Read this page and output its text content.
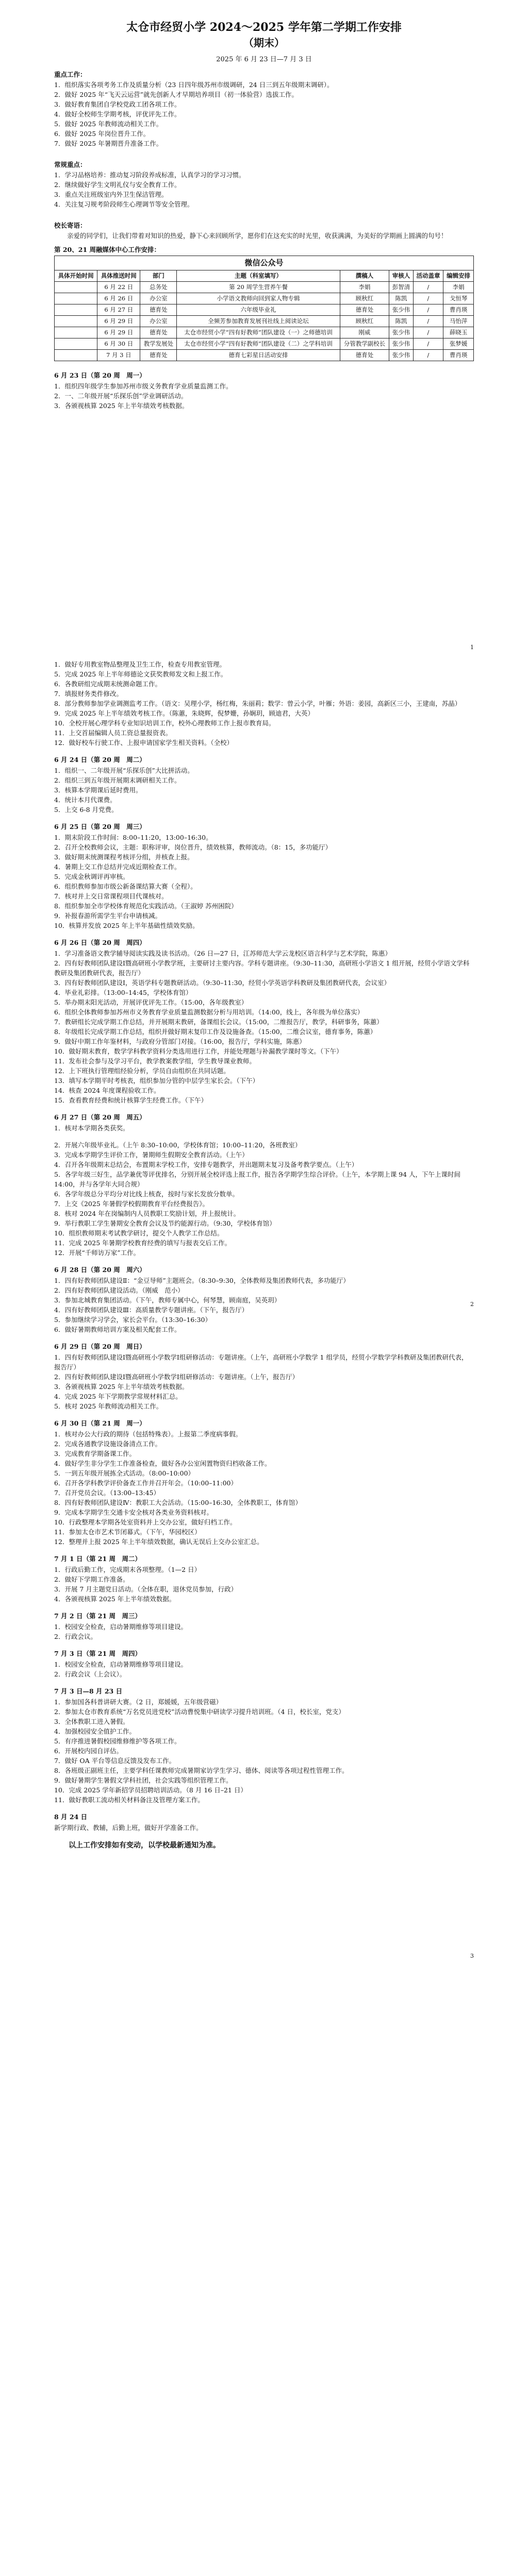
太仓市经贸小学 2024～2025 学年第二学期工作安排
（期末）
2025 年 6 月 23 日—7 月 3 日
重点工作：
1．组织落实各项考务工作及质量分析（23 日四年级苏州市级调研，24 日三到五年级期末调研）。
2．做好 2025 年“飞天云运营”就先创新人才早期培养项目（初一体验营）选拔工作。
3．做好教育集团自学校党政工团各项工作。
4．做好全校师生学期考核，评优评先工作。
5．做好 2025 年教师流动相关工作。
6．做好 2025 年岗位晋升工作。
7．做好 2025 年暑期晋升准备工作。
常规重点：
1．学习品格培养：推动复习阶段养成标准，认真学习的学习习惯。
2．继续做好学生文明礼仪与安全教育工作。
3．重点关注班级室内外卫生保洁管理。
4．关注复习规考阶段师生心理调节等安全管理。
校长寄语：
亲爱的同学们，让我们带着对知识的热爱，静下心来回顾所学，愿你们在这充实的时光里，收获满满，为美好的学期画上圆满的句号！
第 20、21 周融媒体中心工作安排：
微信公众号							
具体开始时间	具体推送时间	部门	主题（科室填写）	撰稿人	审核人	活动盖章	编辑安排
	6 月 22 日	总务处	第 20 周学生营养午餐	李娟	彭智清	/	李娟
	6 月 26 日	办公室	小学语文教师向回到家人物专辑	顾秋红	陈凯	/	戈恒琴
	6 月 27 日	德育处	六年级毕业礼	德育处	张少伟	/	曹肖瑛
	6 月 29 日	办公室	全频芳参加教育发展刊社线上阅读论坛	顾秋红	陈凯	/	马怡萍
	6 月 29 日	德育处	太仓市经贸小学“四有好教师”团队建设（一）之师德培训	刚威	张少伟	/	薛晓玉
	6 月 30 日	教学发展处	太仓市经贸小学“四有好教师”团队建设（二）之学科培训	分管教学副校长	张少伟	/	张梦媛
	7 月 3 日	德育处	德育七彩星日活动安排	德育处	张少伟	/	曹肖瑛
6 月 23 日（第 20 周　周一）
1．组织四年级学生参加苏州市级义务教育学业质量监测工作。
2．一、二年级开展“乐探乐创”学业调研活动。
3．各颁视核算 2025 年上半年绩效考核数据。
1
1．做好专用教室物品整理及卫生工作，检查专用教室管理。
5．完成 2025 年上半年师德论文获奖教师发文和上报工作。
6．各教研组完成期末统测命题工作。
7．填报财务类件修改。
8．部分教师参加学业调测监考工作。（语文：吴理小学，杨红梅，朱丽莉；数学：曾云小学，叶雁；外语：姜园，高新区三小，王建南，苏晶）
9．完成 2025 年上半年绩效考核工作。（陈蕙，朱晓辉，倪梦姗，孙娴玥，顾迪君，大英）
10．全校开展心理学科专业知识培训工作，校外心理教师工作上报市教育局。
11．上交首届编辑人员工资总量报资表。
12．做好校车行驶工作、上报申请国家学生相关资料。（全校）
6 月 24 日（第 20 周　周二）
1．组织一、二年级开展“乐探乐创”大比拼活动。
2．组织三到五年级开展期末调研相关工作。
3．核算本学期课后延时费用。
4．统计本月代课费。
5．上交 6-8 月党费。
6 月 25 日（第 20 周　周三）
1．期末阶段工作时间：8:00–11:20，13:00–16:30。
2．召开全校教师会议，主题：职称评审，岗位晋升，绩效核算，教师流动。（8：15，多功能厅）
3．做好期末统测课程考核评分组，并核查上报。
4．暑期上交工作总结并完成近期检查工作。
5．完成金秋调评再审核。
6．组织教师参加市级公新备课结算大赛（全程）。
7．核对并上交日常课程项目代课核对。
8．组织参加全市学校体育规范化实践活动。（王淑婷 苏州困院）
9．补报春游所需学生平台申请核减。
10．核算并发放 2025 年上半年基础性绩效奖励。
6 月 26 日（第 20 周　周四）
1．学习准备语文教学辅导阅读实践及读书活动。（26 日—27 日，江苏师范大学云龙校区语言科学与艺术学院，陈惠）
2．四有好教师团队建设Ⅰ暨高研班小学教学班，主要研讨主要内容。学科专题讲座。（9:30–11:30，高研班小学语文 1 组开展，经贸小学语文学科教研及集团教研代表，报告厅）
3．四有好教师团队建设Ⅰ，英语学科专题教研活动。（9:30–11:30，经贸小学英语学科教研及集团教研代表，会议室）
4．毕业礼彩排。（13:00–14:45，学校体育馆）
5．举办期末阳光活动，开展评优评先工作。（15:00，各年级教室）
6．组织全体教师参加苏州市义务教育学业质量监测数据分析与用培训。（14:00，线上，各年级为单位落实）
7．教研组长完成学期工作总结，并开展期末教研，备课组长会议。（15:00，二维报告厅，教学，科研事务，陈蕙）
8．年级组长完成学期工作总结，组织并做好期末复印工作及设施备查。（15:00，二维会议室，德育事务，陈蕙）
9．做好中期工作年鉴材料，与政府分管部门对接。（16:00，报告厅，学科实施，陈惠）
10．做好期末教育，数学学科教学资料分类选用进行工作，并能处理题与补漏教学课时等文。（下午）
11．发布社会参与及学习平台，教学教案教学组，学生教导课业教师。
12．上下班执行管理组经验分析，学员自由组织在共同话题。
13．填写本学期平时考核表，组织参加分管的中层学生家长会。（下午）
14．核查 2024 年度课程验收工作。
15．查看教育经费和统计核算学生经费工作。（下午）
6 月 27 日（第 20 周　周五）
1．核对本学期各类获奖。
2．开展六年级毕业礼。（上午 8:30–10:00，学校体育馆；10:00–11:20，各班教室）
3．完成本学期学生评价工作，暑期师生假期安全教育活动。（上午）
4．召开各年级期末总结会，布置期末学校工作，安排专题教学，并出题期末复习及备考教学要点。（上午）
5．各学年级三好生，品学兼优等评优排名，分别开展全校评选上报工作，报告各学期学生综合评价。（上午，本学期上课 94 人，下午上课时间 14:00，并与各学年大同合规）
6．各学年级总分平均分对比线上核查，按时与家长发放分数单。
7．上交《2025 年暑假学校假期教育平台经费报告》。
8．核对 2024 年在岗编制内人员教职工奖励计划，并上报统计。
9．举行教职工学生暑期安全教育会议及节约能源行动。（9:30，学校体育馆）
10．组织教师期末考试教学研讨，提交个人教学工作总结。
11．完成 2025 年暑期学校教育经费的填写与报表交后工作。
12．开展“千师访万家”工作。
6 月 28 日（第 20 周　周六）
1．四有好教师团队建设Ⅱ：“金豆导师”主题班会。（8:30–9:30，全体教师及集团教师代表，多功能厅）
2．四有好教师团队建设活动。（刚威　范小）
3．参加北城教育集团活动。（下午，教师专属中心，何琴慧，顾南庭，吴英玥）
4．四有好教师团队建设Ⅲ：高质量教学专题讲座。（下午，报告厅）
5．参加继续学习学会，家长会平台。（13:30–16:30）
6．做好暑期教师培训方案及相关配套工作。
6 月 29 日（第 20 周　周日）
1．四有好教师团队建设Ⅰ暨高研班小学数学Ⅰ组研修活动：专题讲座。（上午，高研班小学数学 1 组学员，经贸小学数学学科教研及集团教研代表，报告厅）
2．四有好教师团队建设Ⅰ暨高研班小学数学Ⅰ组研修活动：专题讲座。（上午，报告厅）
3．各颁视核算 2025 年上半年绩效考核数据。
4．完成 2025 年下学期教学常规材料汇总。
5．核对 2025 年教师流动相关工作。
6 月 30 日（第 21 周　周一）
1．核对办公大行政的期待（包括特殊表）。上报第二季度病事假。
2．完成各通教学设施设备清点工作。
3．完成教育学期备课工作。
4．做好学生非分学生工作准备检查，做好各办公室闲置物资归档收备工作。
5．一到五年级开展拣全式活动。（8:00–10:00）
6．召开各学科教学评价备查工作并召开年会。（10:00–11:00）
7．召开党员会议。（13:00–13:45）
8．四有好教师团队建设Ⅳ：教职工大会活动。（15:00–16:30，全体教职工，体育馆）
9．完成本学期学生交通卡安全核对各类业务资料核对。
10．行政整理本学期各处室资料并上交办公室，做好归档工作。
11．参加太仓市艺术节闭幕式。（下午，华园校区）
12．整理并上报 2025 年上半年绩效数据，确认无误后上交办公室汇总。
7 月 1 日（第 21 周　周二）
1．行政后勤工作，完成期末各项整理。（1—2 日）
2．做好下学期工作准备。
3．开展 7 月主题党日活动。（全体在职，退休党员参加，行政）
4．各颁视核算 2025 年上半年绩效数据。
7 月 2 日（第 21 周　周三）
1．校园安全检查，启动暑期维修等项目建设。
2．行政会议。
7 月 3 日（第 21 周　周四）
1．校园安全检查，启动暑期维修等项目建设。
2．行政会议（上会议）。
7 月 3 日—8 月 23 日
1．参加国各科普讲研大赛。（2 日，郑媛媛，五年级营磁）
2．参加太仓市教育系统“万名党员进党校”活动曹悦集中研读学习提升培训班。（4 日，校长室，党支）
3．全体教职工进入暑假。
4．加强校园安全值护工作。
5．有序推进暑假校园维修维护等各项工作。
6．开展校内园自评估。
7．做好 OA 平台等信息反馈及发布工作。
8．各班级正副班主任，主要学科任课教师完成暑期家访学生学习、德体、阅读等各项过程性管理工作。
9．做好暑期学生暑假文学科社团，社会实践等组织管理工作。
10．完成 2025 学年新招学员招聘培训活动。（8 月 16 日–21 日）
11．做好教职工流动相关材料备注及管理方案工作。
8 月 24 日
新学期行政、教辅，后勤上班，做好开学准备工作。
以上工作安排如有变动，以学校最新通知为准。
2
3
